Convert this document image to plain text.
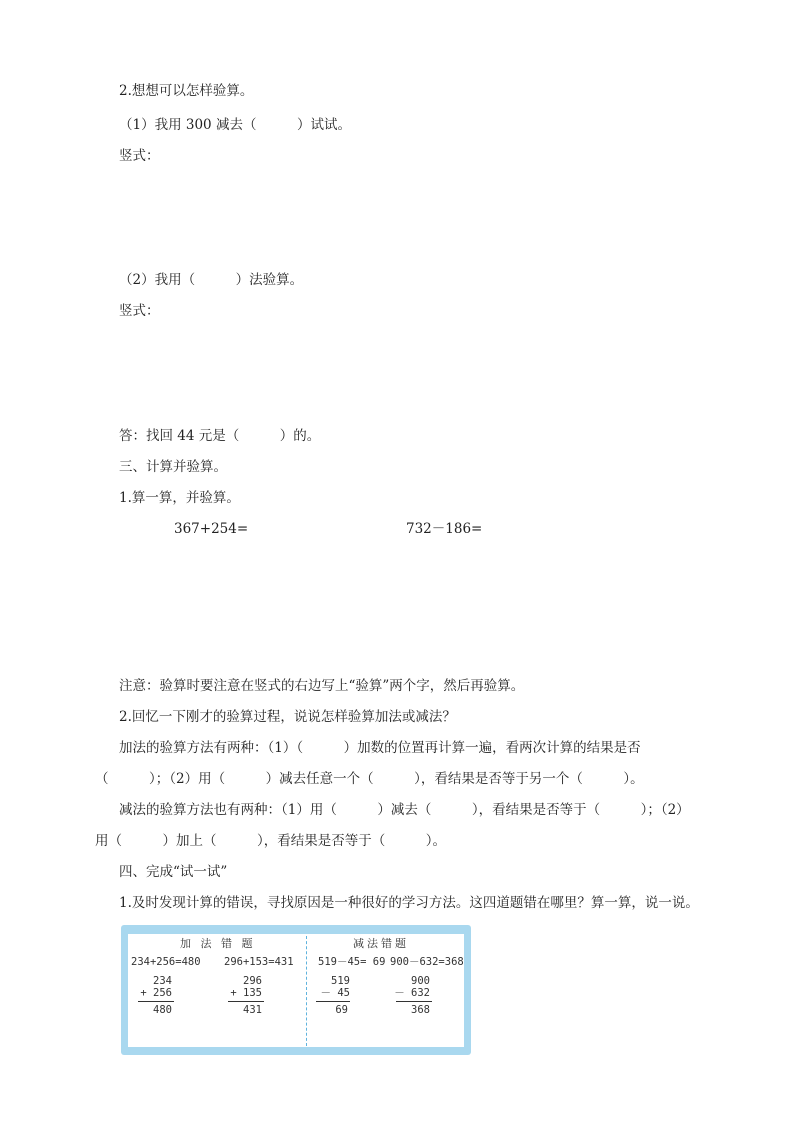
2.想想可以怎样验算。
（1）我用 300 减去（　　　）试试。
竖式：
（2）我用（　　　）法验算。
竖式：
答：找回 44 元是（　　　）的。
三、计算并验算。
1.算一算，并验算。
367+254=	732－186=
注意：验算时要注意在竖式的右边写上“验算”两个字，然后再验算。
2.回忆一下刚才的验算过程，说说怎样验算加法或减法？
加法的验算方法有两种：（1）（　　　）加数的位置再计算一遍，看两次计算的结果是否
（　　　）；（2）用（　　　）减去任意一个（　　　），看结果是否等于另一个（　　　）。
减法的验算方法也有两种：（1）用（　　　）减去（　　　），看结果是否等于（　　　）；（2）
用（　　　）加上（　　　），看结果是否等于（　　　）。
四、完成“试一试”
1.及时发现计算的错误，寻找原因是一种很好的学习方法。这四道题错在哪里？算一算，说一说。
加 法 错 题
234+256=480 296+153=431
234
+ 256
480
296
+ 135
431
减法错题
519－45= 69 900－632=368
519
－ 45
69
900
－ 632
368
